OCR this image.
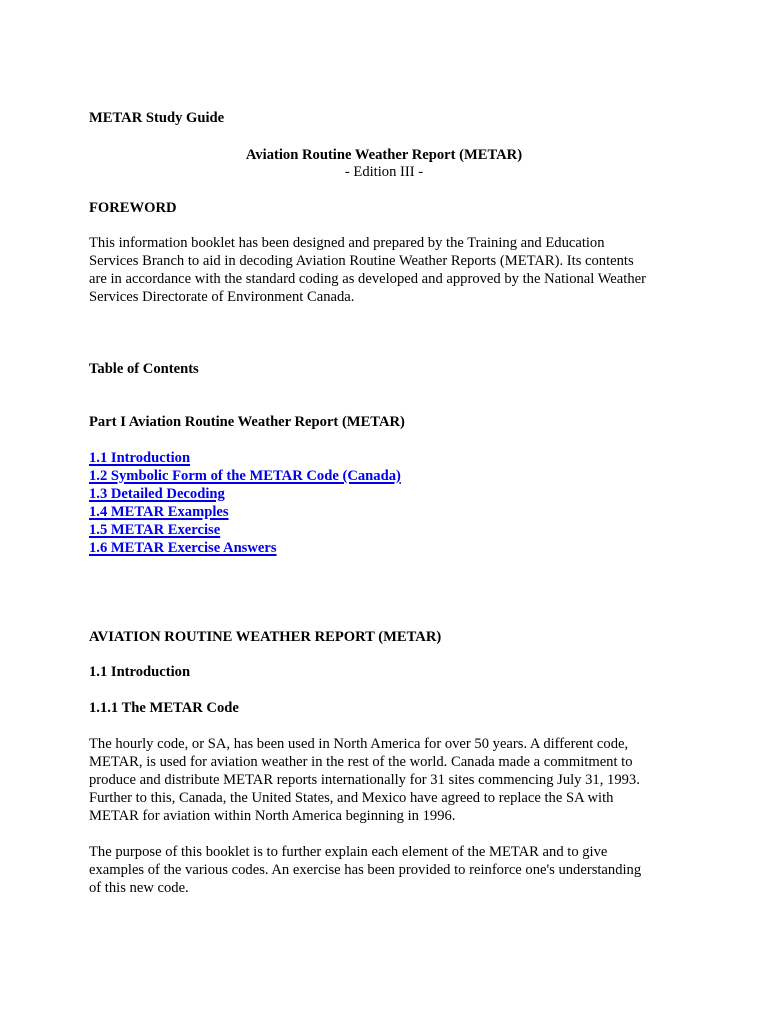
METAR Study Guide
Aviation Routine Weather Report (METAR)
- Edition III -
FOREWORD
This information booklet has been designed and prepared by the Training and Education
Services Branch to aid in decoding Aviation Routine Weather Reports (METAR). Its contents
are in accordance with the standard coding as developed and approved by the National Weather
Services Directorate of Environment Canada.
Table of Contents
Part I Aviation Routine Weather Report (METAR)
1.1 Introduction
1.2 Symbolic Form of the METAR Code (Canada)
1.3 Detailed Decoding
1.4 METAR Examples
1.5 METAR Exercise
1.6 METAR Exercise Answers
AVIATION ROUTINE WEATHER REPORT (METAR)
1.1 Introduction
1.1.1 The METAR Code
The hourly code, or SA, has been used in North America for over 50 years. A different code,
METAR, is used for aviation weather in the rest of the world. Canada made a commitment to
produce and distribute METAR reports internationally for 31 sites commencing July 31, 1993.
Further to this, Canada, the United States, and Mexico have agreed to replace the SA with
METAR for aviation within North America beginning in 1996.
The purpose of this booklet is to further explain each element of the METAR and to give
examples of the various codes. An exercise has been provided to reinforce one's understanding
of this new code.
